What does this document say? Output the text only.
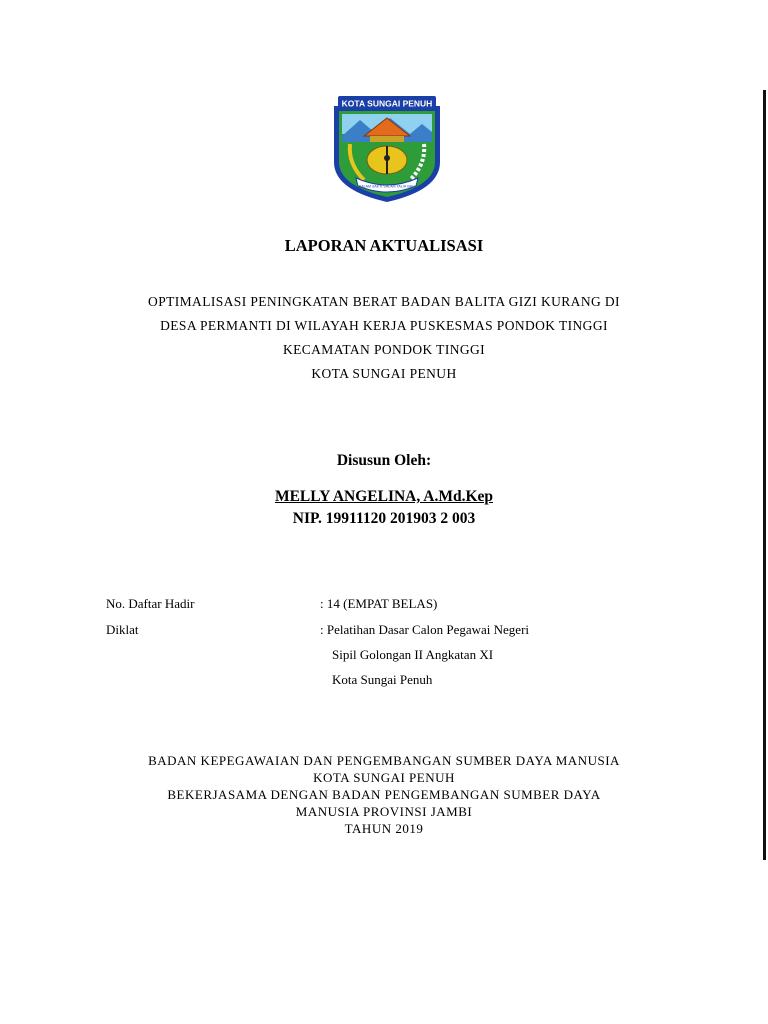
KOTA SUNGAI PENUH
SALAM SAKTI SALAM TALIH BALI
LAPORAN AKTUALISASI
OPTIMALISASI PENINGKATAN BERAT BADAN BALITA GIZI KURANG DI
DESA PERMANTI DI WILAYAH KERJA PUSKESMAS PONDOK TINGGI
KECAMATAN PONDOK TINGGI
KOTA SUNGAI PENUH
Disusun Oleh:
MELLY ANGELINA, A.Md.Kep
NIP. 19911120 201903 2 003
No. Daftar Hadir	: 14 (EMPAT BELAS)
Diklat	: Pelatihan Dasar Calon Pegawai Negeri
Sipil Golongan II Angkatan XI
Kota Sungai Penuh
BADAN KEPEGAWAIAN DAN PENGEMBANGAN SUMBER DAYA MANUSIA
KOTA SUNGAI PENUH
BEKERJASAMA DENGAN BADAN PENGEMBANGAN SUMBER DAYA
MANUSIA PROVINSI JAMBI
TAHUN 2019
